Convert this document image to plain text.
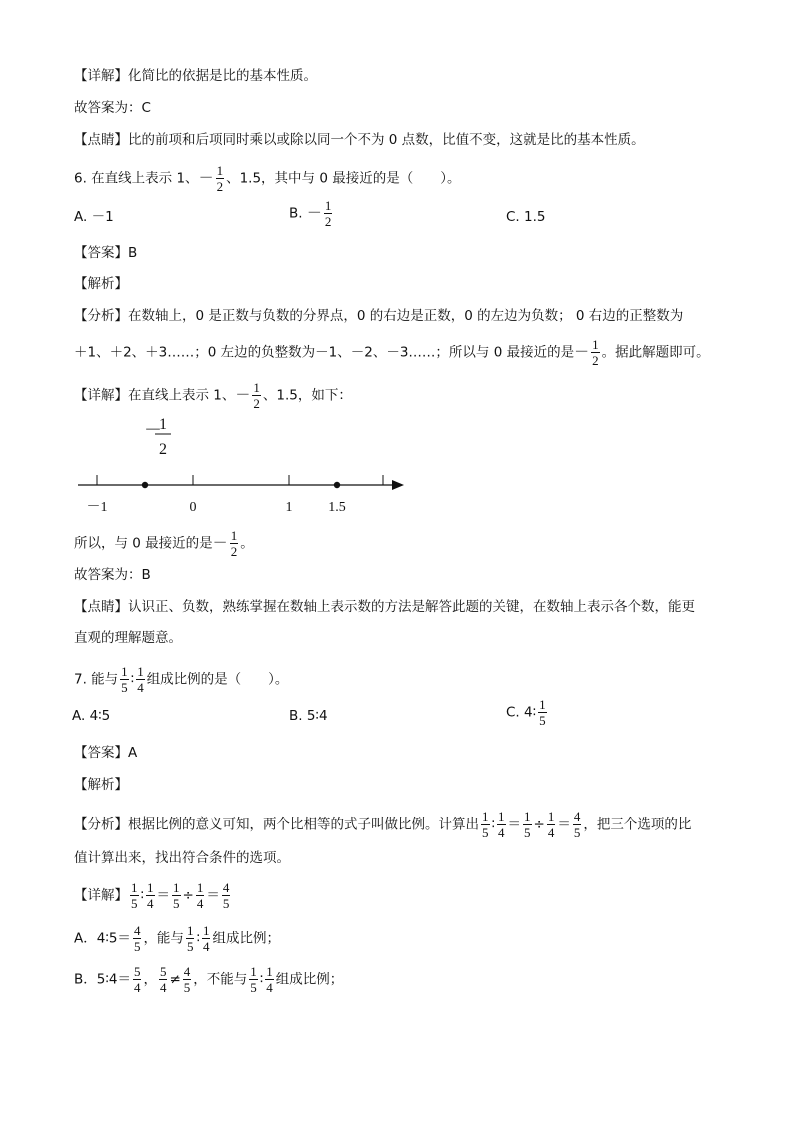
【详解】化简比的依据是比的基本性质。
故答案为：C
【点睛】比的前项和后项同时乘以或除以同一个不为 0 点数，比值不变，这就是比的基本性质。
6. 在直线上表示 1、－ $\frac{1}{2}$ 、1.5，其中与 0 最接近的是（　　）。
A. －1	B. － $\frac{1}{2}$	C. 1.5
【答案】B
【解析】
【分析】在数轴上，0 是正数与负数的分界点，0 的右边是正数，0 的左边为负数； 0 右边的正整数为
＋1、＋2、＋3……；0 左边的负整数为－1、－2、－3……；所以与 0 最接近的是－ $\frac{1}{2}$ 。据此解题即可。
【详解】在直线上表示 1、－ $\frac{1}{2}$ 、1.5，如下：
－
1
2
－1	0	1	1.5
所以，与 0 最接近的是－ $\frac{1}{2}$ 。
故答案为：B
【点睛】认识正、负数，熟练掌握在数轴上表示数的方法是解答此题的关键，在数轴上表示各个数，能更
直观的理解题意。
7. 能与 $\frac{1}{5}$ ∶ $\frac{1}{4}$ 组成比例的是（　　）。
A. 4∶5	B. 5∶4	C. 4∶ $\frac{1}{5}$
【答案】A
【解析】
【分析】根据比例的意义可知，两个比相等的式子叫做比例。计算出 $\frac{1}{5}$ ∶ $\frac{1}{4} = \frac{1}{5} \div \frac{1}{4} = \frac{4}{5}$ ，把三个选项的比
值计算出来，找出符合条件的选项。
【详解】 $\frac{1}{5}$ ∶ $\frac{1}{4} = \frac{1}{5} \div \frac{1}{4} = \frac{4}{5}$
A．4∶5＝ $\frac{4}{5}$ ，能与 $\frac{1}{5}$ ∶ $\frac{1}{4}$ 组成比例；
B．5∶4＝ $\frac{5}{4}$ ， $\frac{5}{4} \ne \frac{4}{5}$ ，不能与 $\frac{1}{5}$ ∶ $\frac{1}{4}$ 组成比例；
